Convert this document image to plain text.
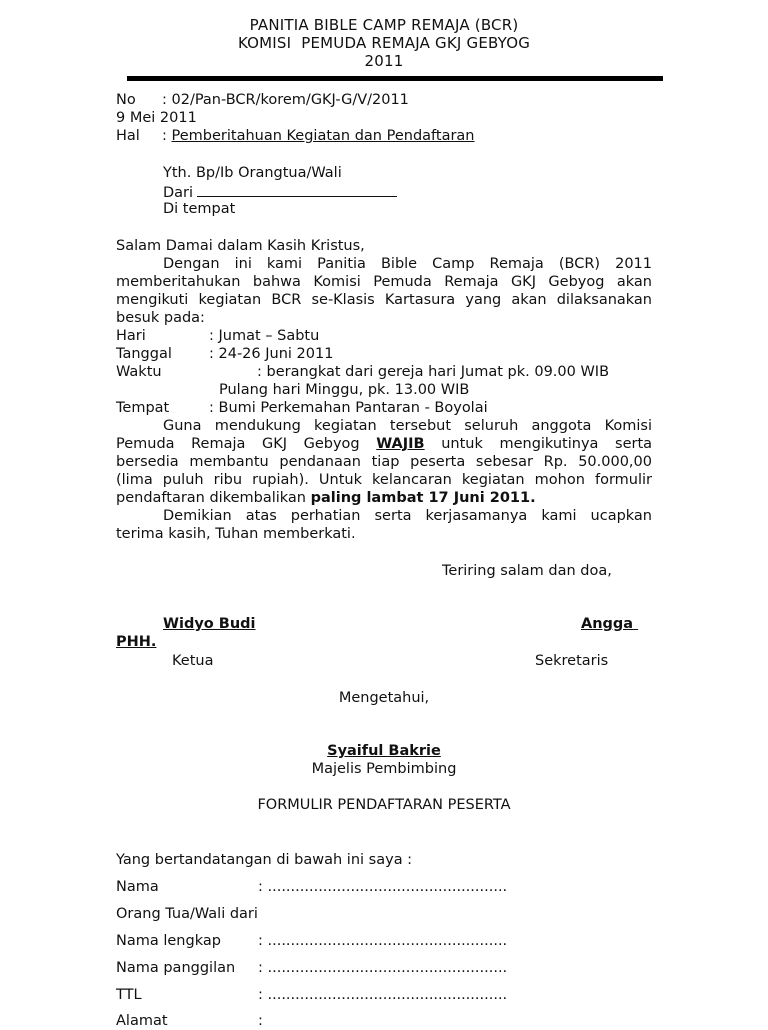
PANITIA BIBLE CAMP REMAJA (BCR)
KOMISI  PEMUDA REMAJA GKJ GEBYOG
2011
No : 02/Pan-BCR/korem/GKJ-G/V/2011
9 Mei 2011
Hal : Pemberitahuan Kegiatan dan Pendaftaran
Yth. Bp/Ib Orangtua/Wali
Dari
Di tempat
Salam Damai dalam Kasih Kristus,
Dengan ini kami Panitia Bible Camp Remaja (BCR) 2011
memberitahukan bahwa Komisi Pemuda Remaja GKJ Gebyog akan
mengikuti kegiatan BCR se-Klasis Kartasura yang akan dilaksanakan
besuk pada:
Hari	: Jumat – Sabtu
Tanggal	: 24-26 Juni 2011
Waktu	: berangkat dari gereja hari Jumat pk. 09.00 WIB
Pulang hari Minggu, pk. 13.00 WIB
Tempat	: Bumi Perkemahan Pantaran - Boyolai
Guna mendukung kegiatan tersebut seluruh anggota Komisi
Pemuda Remaja GKJ Gebyog WAJIB untuk mengikutinya serta
bersedia membantu pendanaan tiap peserta sebesar Rp. 50.000,00
(lima puluh ribu rupiah). Untuk kelancaran kegiatan mohon formulir
pendaftaran dikembalikan paling lambat 17 Juni 2011.
Demikian atas perhatian serta kerjasamanya kami ucapkan
terima kasih, Tuhan memberkati.
Teriring salam dan doa,
Widyo Budi	Angga
PHH.
Ketua	Sekretaris
Mengetahui,
Syaiful Bakrie
Majelis Pembimbing
FORMULIR PENDAFTARAN PESERTA
Yang bertandatangan di bawah ini saya :
Nama	: ....................................................
Orang Tua/Wali dari
Nama lengkap	: ....................................................
Nama panggilan : ....................................................
TTL	: ....................................................
Alamat	:
